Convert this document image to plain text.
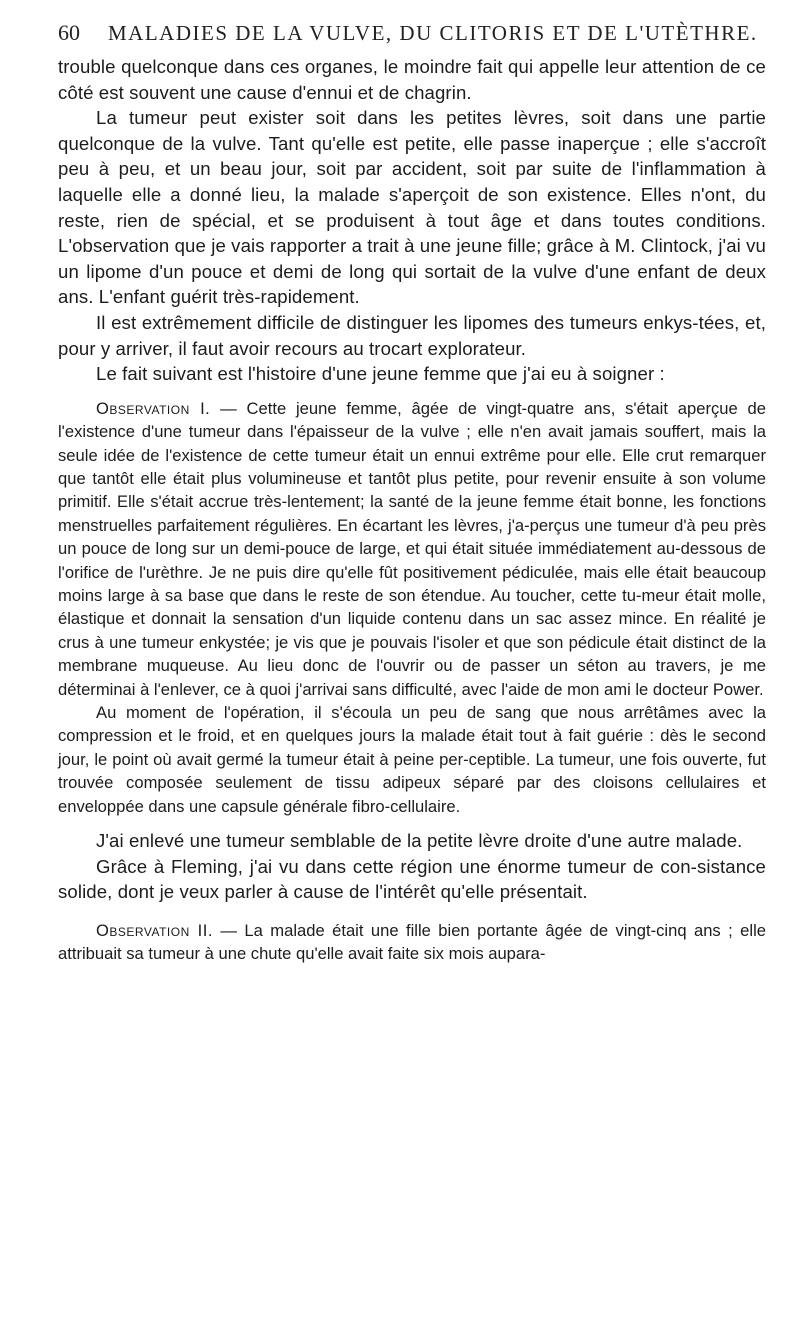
60	MALADIES DE LA VULVE, DU CLITORIS ET DE L'UTÈTHRE.

trouble quelconque dans ces organes, le moindre fait qui appelle leur attention de ce côté est souvent une cause d'ennui et de chagrin.

La tumeur peut exister soit dans les petites lèvres, soit dans une partie quelconque de la vulve. Tant qu'elle est petite, elle passe inaperçue ; elle s'accroît peu à peu, et un beau jour, soit par accident, soit par suite de l'inflammation à laquelle elle a donné lieu, la malade s'aperçoit de son existence. Elles n'ont, du reste, rien de spécial, et se produisent à tout âge et dans toutes conditions. L'observation que je vais rapporter a trait à une jeune fille; grâce à M. Clintock, j'ai vu un lipome d'un pouce et demi de long qui sortait de la vulve d'une enfant de deux ans. L'enfant guérit très-rapidement.

Il est extrêmement difficile de distinguer les lipomes des tumeurs enkys-tées, et, pour y arriver, il faut avoir recours au trocart explorateur.

Le fait suivant est l'histoire d'une jeune femme que j'ai eu à soigner :

Observation I. — Cette jeune femme, âgée de vingt-quatre ans, s'était aperçue de l'existence d'une tumeur dans l'épaisseur de la vulve ; elle n'en avait jamais souffert, mais la seule idée de l'existence de cette tumeur était un ennui extrême pour elle. Elle crut remarquer que tantôt elle était plus volumineuse et tantôt plus petite, pour revenir ensuite à son volume primitif. Elle s'était accrue très-lentement; la santé de la jeune femme était bonne, les fonctions menstruelles parfaitement régulières. En écartant les lèvres, j'a-perçus une tumeur d'à peu près un pouce de long sur un demi-pouce de large, et qui était située immédiatement au-dessous de l'orifice de l'urèthre. Je ne puis dire qu'elle fût positivement pédiculée, mais elle était beaucoup moins large à sa base que dans le reste de son étendue. Au toucher, cette tu-meur était molle, élastique et donnait la sensation d'un liquide contenu dans un sac assez mince. En réalité je crus à une tumeur enkystée; je vis que je pouvais l'isoler et que son pédicule était distinct de la membrane muqueuse. Au lieu donc de l'ouvrir ou de passer un séton au travers, je me déterminai à l'enlever, ce à quoi j'arrivai sans difficulté, avec l'aide de mon ami le docteur Power.

Au moment de l'opération, il s'écoula un peu de sang que nous arrêtâmes avec la compression et le froid, et en quelques jours la malade était tout à fait guérie : dès le second jour, le point où avait germé la tumeur était à peine per-ceptible. La tumeur, une fois ouverte, fut trouvée composée seulement de tissu adipeux séparé par des cloisons cellulaires et enveloppée dans une capsule générale fibro-cellulaire.

J'ai enlevé une tumeur semblable de la petite lèvre droite d'une autre malade.

Grâce à Fleming, j'ai vu dans cette région une énorme tumeur de con-sistance solide, dont je veux parler à cause de l'intérêt qu'elle présentait.

Observation II. — La malade était une fille bien portante âgée de vingt-cinq ans ; elle attribuait sa tumeur à une chute qu'elle avait faite six mois aupara-
